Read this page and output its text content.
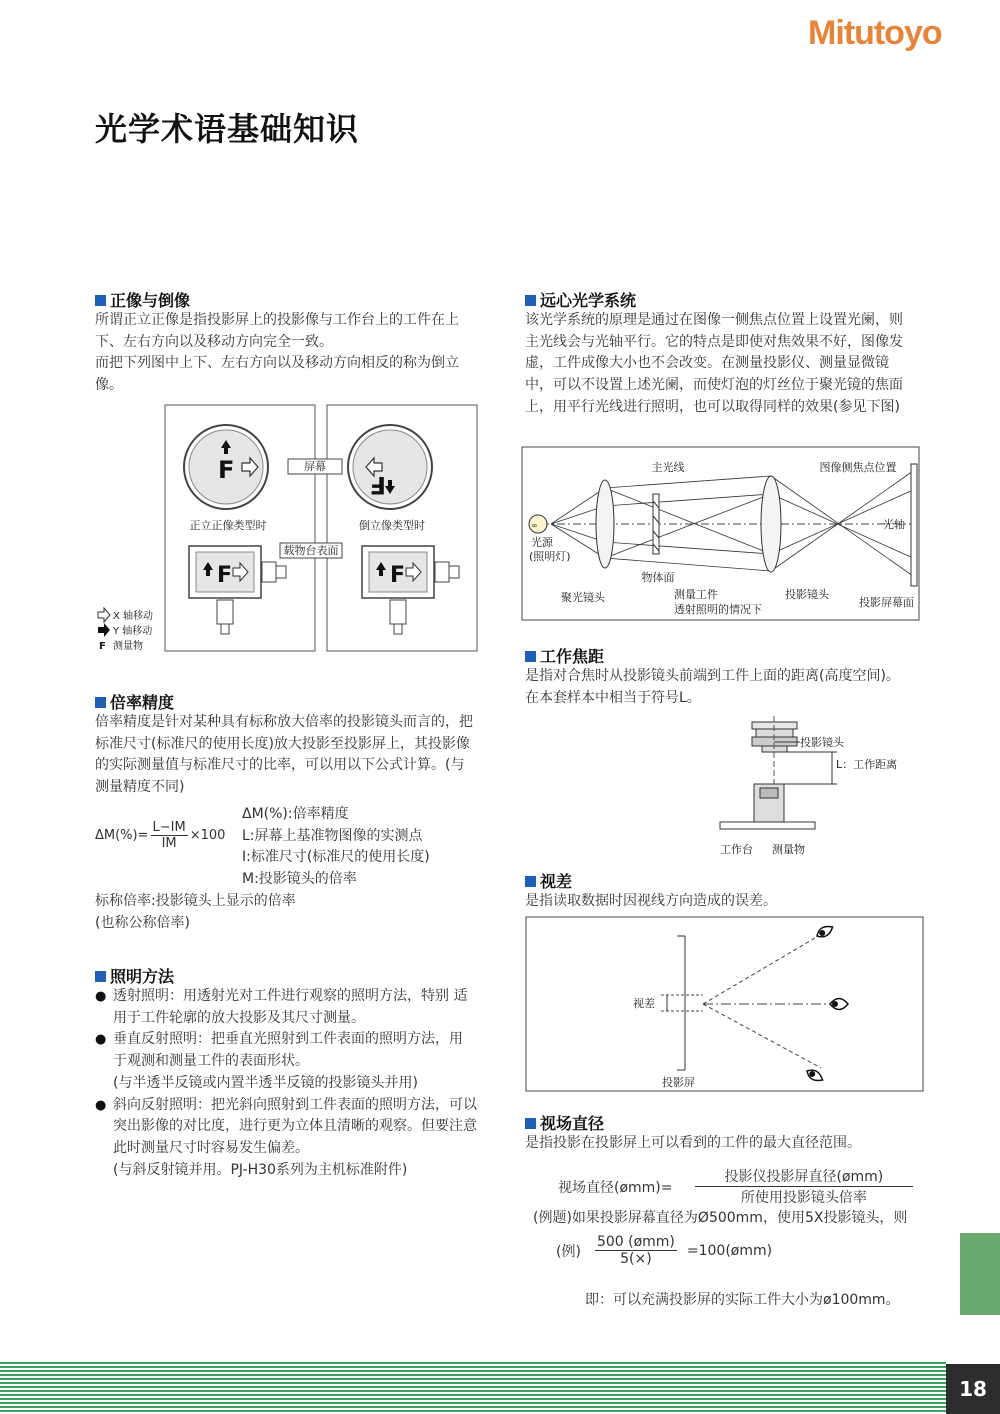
Mitutoyo
光学术语基础知识
正像与倒像

所谓正立正像是指投影屏上的投影像与工作台上的工件在上

下、左右方向以及移动方向完全一致。

而把下列图中上下、左右方向以及移动方向相反的称为倒立

像。

F
F
屏幕
正立正像类型时	倒立像类型时
载物台表面
F	F
X 轴移动
Y 轴移动
F 测量物
倍率精度

倍率精度是针对某种具有标称放大倍率的投影镜头而言的，把

标准尺寸(标准尺的使用长度)放大投影至投影屏上，其投影像

的实际测量值与标准尺寸的比率，可以用以下公式计算。(与

测量精度不同)

$\Delta M(\%)= \frac{L-IM}{IM} \times 100$
ΔM(%):倍率精度
L:屏幕上基准物图像的实测点
I:标准尺寸(标准尺的使用长度)
M:投影镜头的倍率

标称倍率:投影镜头上显示的倍率

(也称公称倍率)

照明方法

● 透射照明：用透射光对工件进行观察的照明方法，特别 适

用于工件轮廓的放大投影及其尺寸测量。

● 垂直反射照明：把垂直光照射到工件表面的照明方法，用

于观测和测量工件的表面形状。

(与半透半反镜或内置半透半反镜的投影镜头并用)

● 斜向反射照明：把光斜向照射到工件表面的照明方法，可以

突出影像的对比度，进行更为立体且清晰的观察。但要注意

此时测量尺寸时容易发生偏差。

(与斜反射镜并用。PJ-H30系列为主机标准附件)

远心光学系统

该光学系统的原理是通过在图像一侧焦点位置上设置光阑，则

主光线会与光轴平行。它的特点是即使对焦效果不好，图像发

虚，工件成像大小也不会改变。在测量投影仪、测量显微镜

中，可以不设置上述光阑，而使灯泡的灯丝位于聚光镜的焦面

上，用平行光线进行照明，也可以取得同样的效果(参见下图)

∞
光源
(照明灯)
主光线	图像侧焦点位置
光轴
物体面
聚光镜头	测量工件
透射照明的情况下
投影镜头
投影屏幕面
工作焦距

是指对合焦时从投影镜头前端到工件上面的距离(高度空间)。

在本套样本中相当于符号L。

投影镜头
L：工作距离
工作台 测量物
视差

是指读取数据时因视线方向造成的误差。

视差
投影屏
视场直径

是指投影在投影屏上可以看到的工件的最大直径范围。

视场直径(ømm)= $\frac{\text{投影仪投影屏直径(ømm)}}{\text{所使用投影镜头倍率}}$

(例题)如果投影屏幕直径为Ø500mm，使用5X投影镜头，则

(例) $\frac{\text{500 (ømm)}}{5(\times)}$ =100(ømm)

即：可以充满投影屏的实际工件大小为ø100mm。

18
